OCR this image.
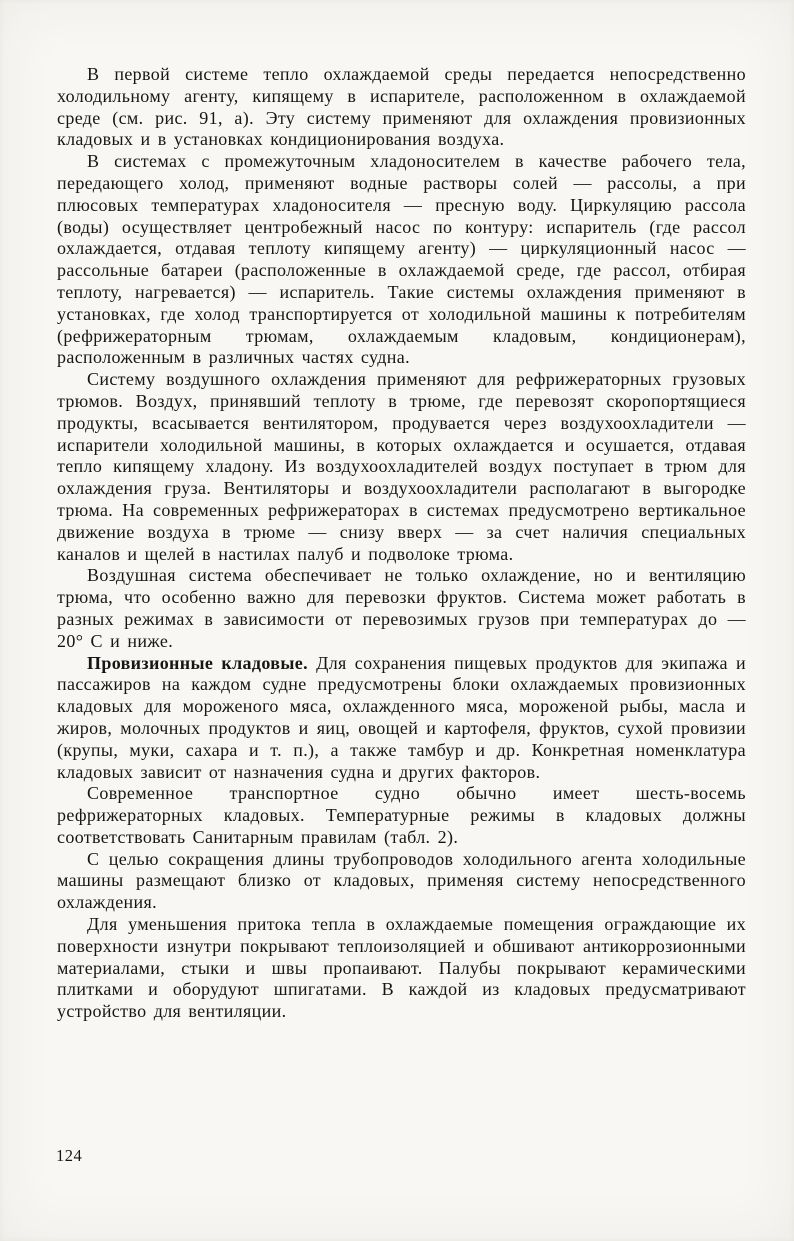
В первой системе тепло охлаждаемой среды передается непосредственно холодильному агенту, кипящему в испарителе, расположенном в охлаждаемой среде (см. рис. 91, а). Эту систему применяют для охлаждения провизионных кладовых и в установках кондиционирования воздуха.

В системах с промежуточным хладоносителем в качестве рабочего тела, передающего холод, применяют водные растворы солей — рассолы, а при плюсовых температурах хладоносителя — пресную воду. Циркуляцию рассола (воды) осуществляет центробежный насос по контуру: испаритель (где рассол охлаждается, отдавая теплоту кипящему агенту) — циркуляционный насос — рассольные батареи (расположенные в охлаждаемой среде, где рассол, отбирая теплоту, нагревается) — испаритель. Такие системы охлаждения применяют в установках, где холод транспортируется от холодильной машины к потребителям (рефрижераторным трюмам, охлаждаемым кладовым, кондиционерам), расположенным в различных частях судна.

Систему воздушного охлаждения применяют для рефрижераторных грузовых трюмов. Воздух, принявший теплоту в трюме, где перевозят скоропортящиеся продукты, всасывается вентилятором, продувается через воздухоохладители — испарители холодильной машины, в которых охлаждается и осушается, отдавая тепло кипящему хладону. Из воздухоохладителей воздух поступает в трюм для охлаждения груза. Вентиляторы и воздухоохладители располагают в выгородке трюма. На современных рефрижераторах в системах предусмотрено вертикальное движение воздуха в трюме — снизу вверх — за счет наличия специальных каналов и щелей в настилах палуб и подволоке трюма.

Воздушная система обеспечивает не только охлаждение, но и вентиляцию трюма, что особенно важно для перевозки фруктов. Система может работать в разных режимах в зависимости от перевозимых грузов при температурах до — 20° С и ниже.

Провизионные кладовые. Для сохранения пищевых продуктов для экипажа и пассажиров на каждом судне предусмотрены блоки охлаждаемых провизионных кладовых для мороженого мяса, охлажденного мяса, мороженой рыбы, масла и жиров, молочных продуктов и яиц, овощей и картофеля, фруктов, сухой провизии (крупы, муки, сахара и т. п.), а также тамбур и др. Конкретная номенклатура кладовых зависит от назначения судна и других факторов.

Современное транспортное судно обычно имеет шесть-восемь рефрижераторных кладовых. Температурные режимы в кладовых должны соответствовать Санитарным правилам (табл. 2).

С целью сокращения длины трубопроводов холодильного агента холодильные машины размещают близко от кладовых, применяя систему непосредственного охлаждения.

Для уменьшения притока тепла в охлаждаемые помещения ограждающие их поверхности изнутри покрывают теплоизоляцией и обшивают антикоррозионными материалами, стыки и швы пропаивают. Палубы покрывают керамическими плитками и оборудуют шпигатами. В каждой из кладовых предусматривают устройство для вентиляции.

124
